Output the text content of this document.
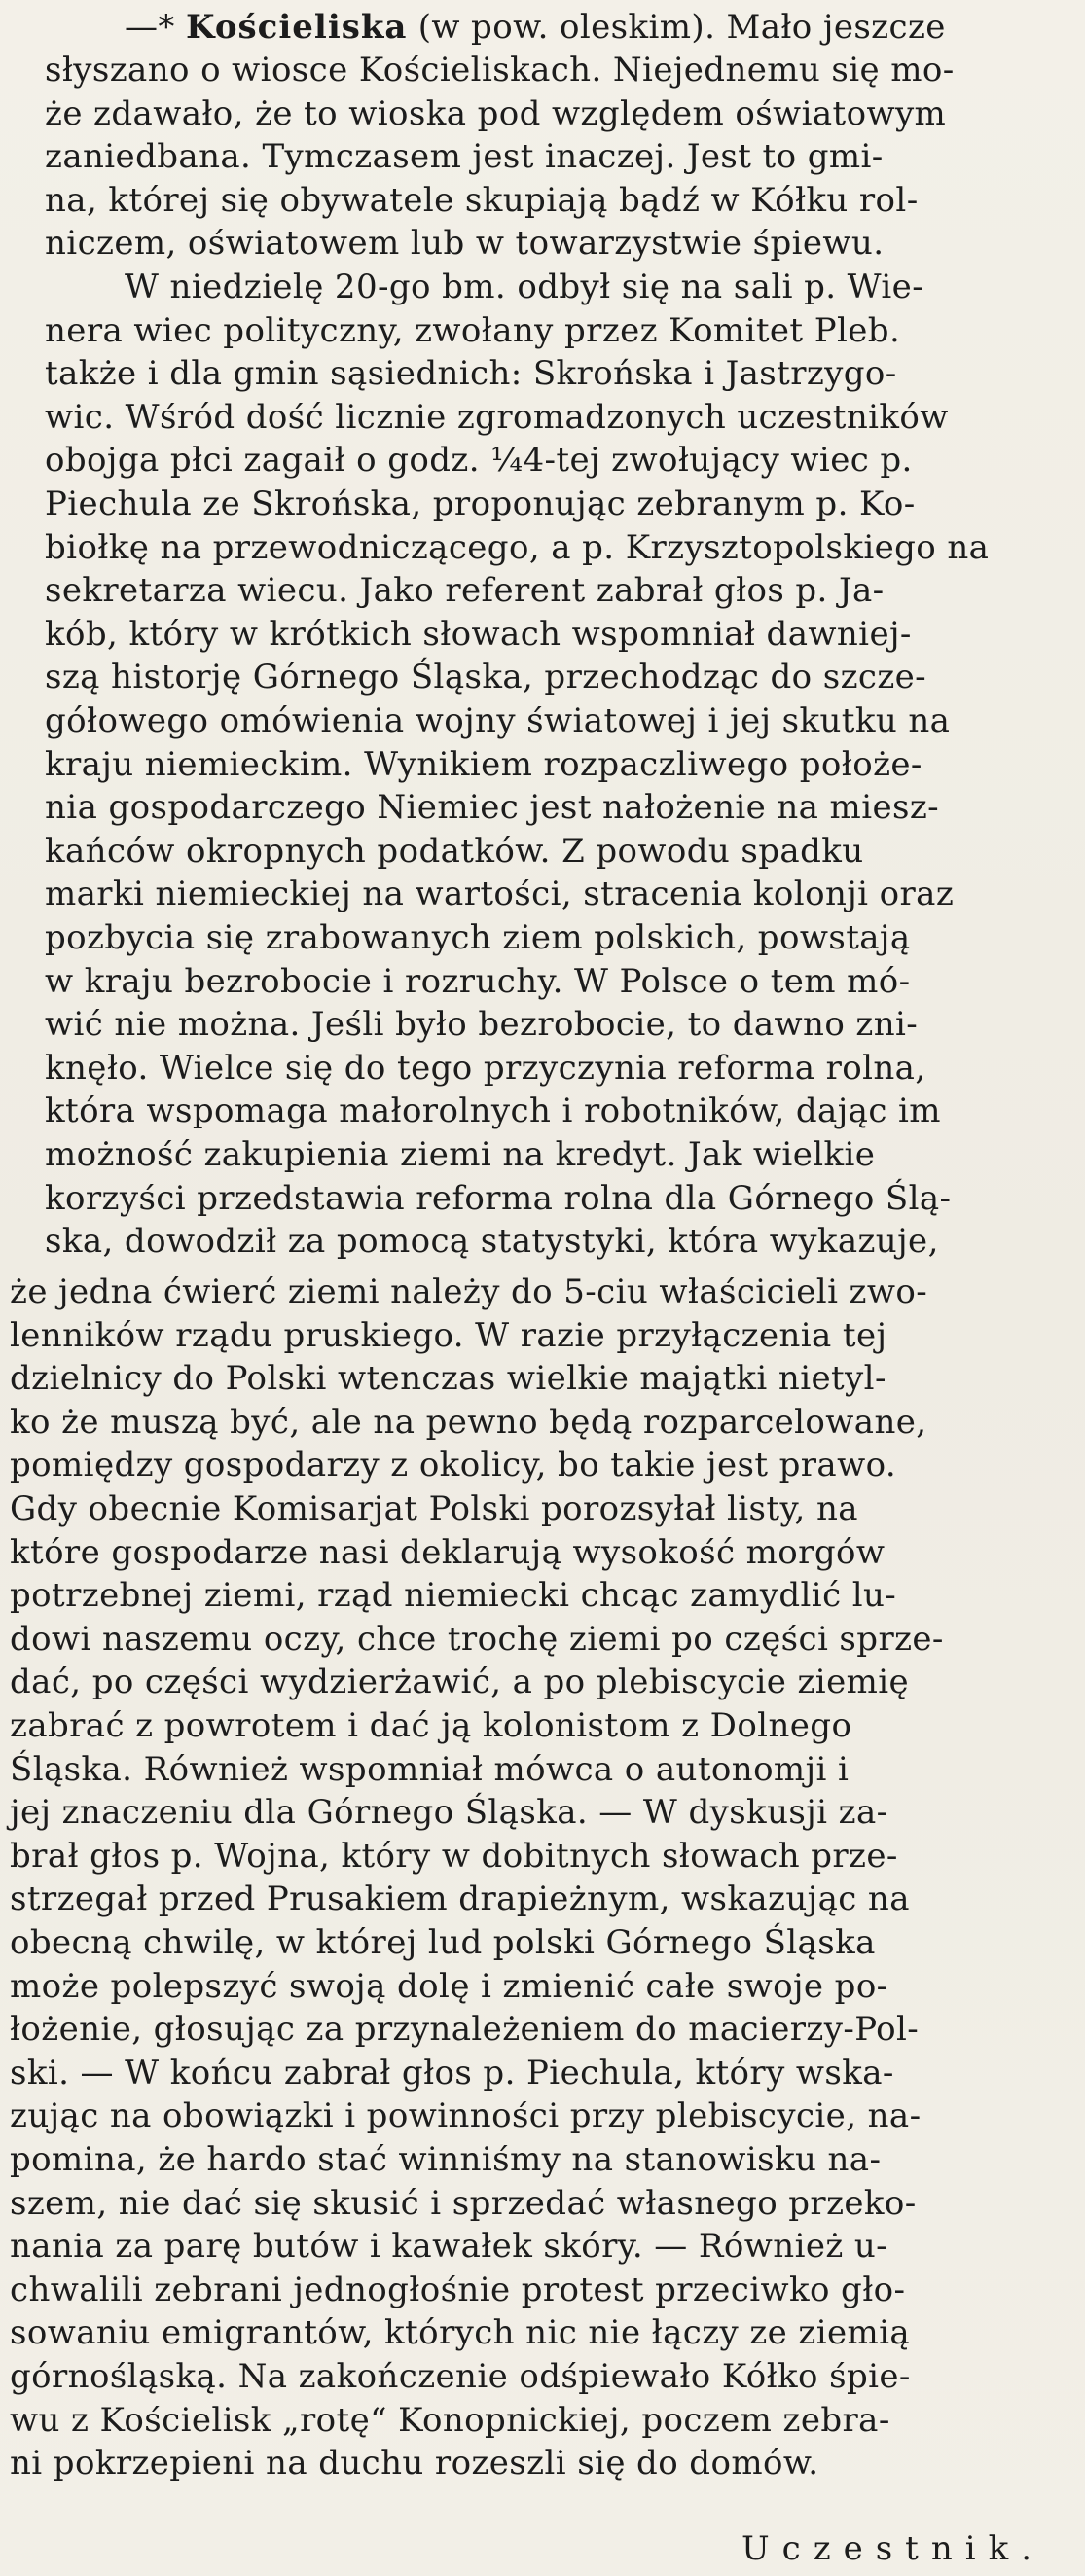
—* Kościeliska (w pow. oleskim). Mało jeszcze
słyszano o wiosce Kościeliskach. Niejednemu się mo-
że zdawało, że to wioska pod względem oświatowym
zaniedbana. Tymczasem jest inaczej. Jest to gmi-
na, której się obywatele skupiają bądź w Kółku rol-
niczem, oświatowem lub w towarzystwie śpiewu.
W niedzielę 20-go bm. odbył się na sali p. Wie-
nera wiec polityczny, zwołany przez Komitet Pleb.
także i dla gmin sąsiednich: Skrońska i Jastrzygo-
wic. Wśród dość licznie zgromadzonych uczestników
obojga płci zagaił o godz. ¼4-tej zwołujący wiec p.
Piechula ze Skrońska, proponując zebranym p. Ko-
biołkę na przewodniczącego, a p. Krzysztopolskiego na
sekretarza wiecu. Jako referent zabrał głos p. Ja-
kób, który w krótkich słowach wspomniał dawniej-
szą historję Górnego Śląska, przechodząc do szcze-
gółowego omówienia wojny światowej i jej skutku na
kraju niemieckim. Wynikiem rozpaczliwego położe-
nia gospodarczego Niemiec jest nałożenie na miesz-
kańców okropnych podatków. Z powodu spadku
marki niemieckiej na wartości, stracenia kolonji oraz
pozbycia się zrabowanych ziem polskich, powstają
w kraju bezrobocie i rozruchy. W Polsce o tem mó-
wić nie można. Jeśli było bezrobocie, to dawno zni-
knęło. Wielce się do tego przyczynia reforma rolna,
która wspomaga małorolnych i robotników, dając im
możność zakupienia ziemi na kredyt. Jak wielkie
korzyści przedstawia reforma rolna dla Górnego Ślą-
ska, dowodził za pomocą statystyki, która wykazuje,
że jedna ćwierć ziemi należy do 5-ciu właścicieli zwo-
lenników rządu pruskiego. W razie przyłączenia tej
dzielnicy do Polski wtenczas wielkie majątki nietyl-
ko że muszą być, ale na pewno będą rozparcelowane,
pomiędzy gospodarzy z okolicy, bo takie jest prawo.
Gdy obecnie Komisarjat Polski porozsyłał listy, na
które gospodarze nasi deklarują wysokość morgów
potrzebnej ziemi, rząd niemiecki chcąc zamydlić lu-
dowi naszemu oczy, chce trochę ziemi po części sprze-
dać, po części wydzierżawić, a po plebiscycie ziemię
zabrać z powrotem i dać ją kolonistom z Dolnego
Śląska. Również wspomniał mówca o autonomji i
jej znaczeniu dla Górnego Śląska. — W dyskusji za-
brał głos p. Wojna, który w dobitnych słowach prze-
strzegał przed Prusakiem drapieżnym, wskazując na
obecną chwilę, w której lud polski Górnego Śląska
może polepszyć swoją dolę i zmienić całe swoje po-
łożenie, głosując za przynależeniem do macierzy-Pol-
ski. — W końcu zabrał głos p. Piechula, który wska-
zując na obowiązki i powinności przy plebiscycie, na-
pomina, że hardo stać winniśmy na stanowisku na-
szem, nie dać się skusić i sprzedać własnego przeko-
nania za parę butów i kawałek skóry. — Również u-
chwalili zebrani jednogłośnie protest przeciwko gło-
sowaniu emigrantów, których nic nie łączy ze ziemią
górnośląską. Na zakończenie odśpiewało Kółko śpie-
wu z Kościelisk „rotę“ Konopnickiej, poczem zebra-
ni pokrzepieni na duchu rozeszli się do domów.
Uczestnik.
